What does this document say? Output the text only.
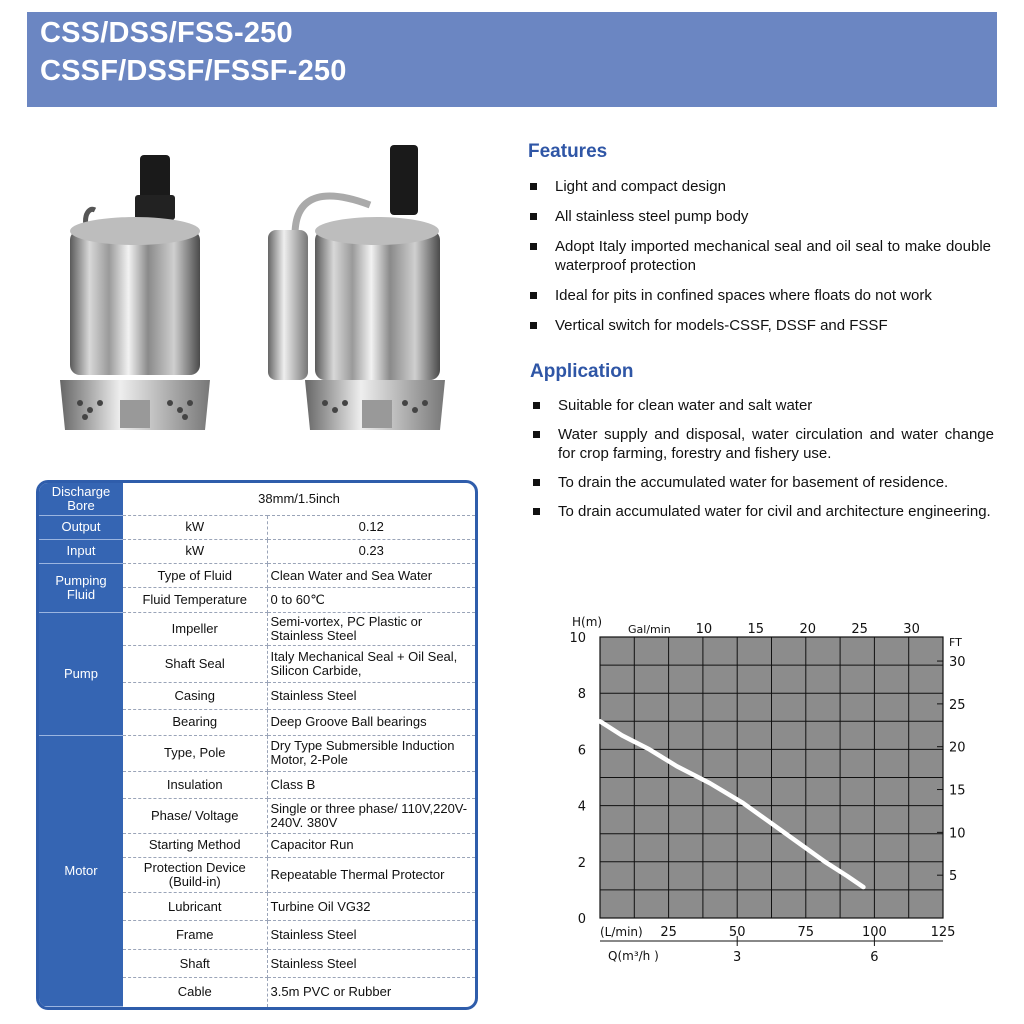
CSS/DSS/FSS-250
CSSF/DSSF/FSSF-250
Features
Light and compact design
All stainless steel pump body
Adopt Italy imported mechanical seal and oil seal to make double waterproof protection
Ideal for pits in confined spaces where floats do not work
Vertical switch for models-CSSF, DSSF and FSSF
Application
Suitable for clean water and salt water
Water supply and disposal, water circulation and water change for crop farming, forestry and fishery use.
To drain the accumulated water for basement of residence.
To drain accumulated water for civil and architecture engineering.
Discharge Bore	38mm/1.5inch	
Output	kW	0.12
Input	kW	0.23
Pumping Fluid	Type of Fluid	Clean Water and Sea Water
	Fluid Temperature	0 to 60℃
Pump	Impeller	Semi-vortex, PC Plastic or Stainless Steel
	Shaft Seal	Italy Mechanical Seal + Oil Seal, Silicon Carbide,
	Casing	Stainless Steel
	Bearing	Deep Groove Ball bearings
Motor	Type, Pole	Dry Type Submersible Induction Motor, 2-Pole
	Insulation	Class B
	Phase/ Voltage	Single or three phase/ 110V,220V-240V. 380V
	Starting Method	Capacitor Run
	Protection Device (Build-in)	Repeatable Thermal Protector
	Lubricant	Turbine Oil VG32
	Frame	Stainless Steel
	Shaft	Stainless Steel
	Cable	3.5m PVC or Rubber
0
2
4
6
8
10
H(m)
25	50	75	100	125
(L/min)
3	6
Q(m³/h )
Gal/min 10	15	20	25	30
FT
5
10
15
20
25
30
